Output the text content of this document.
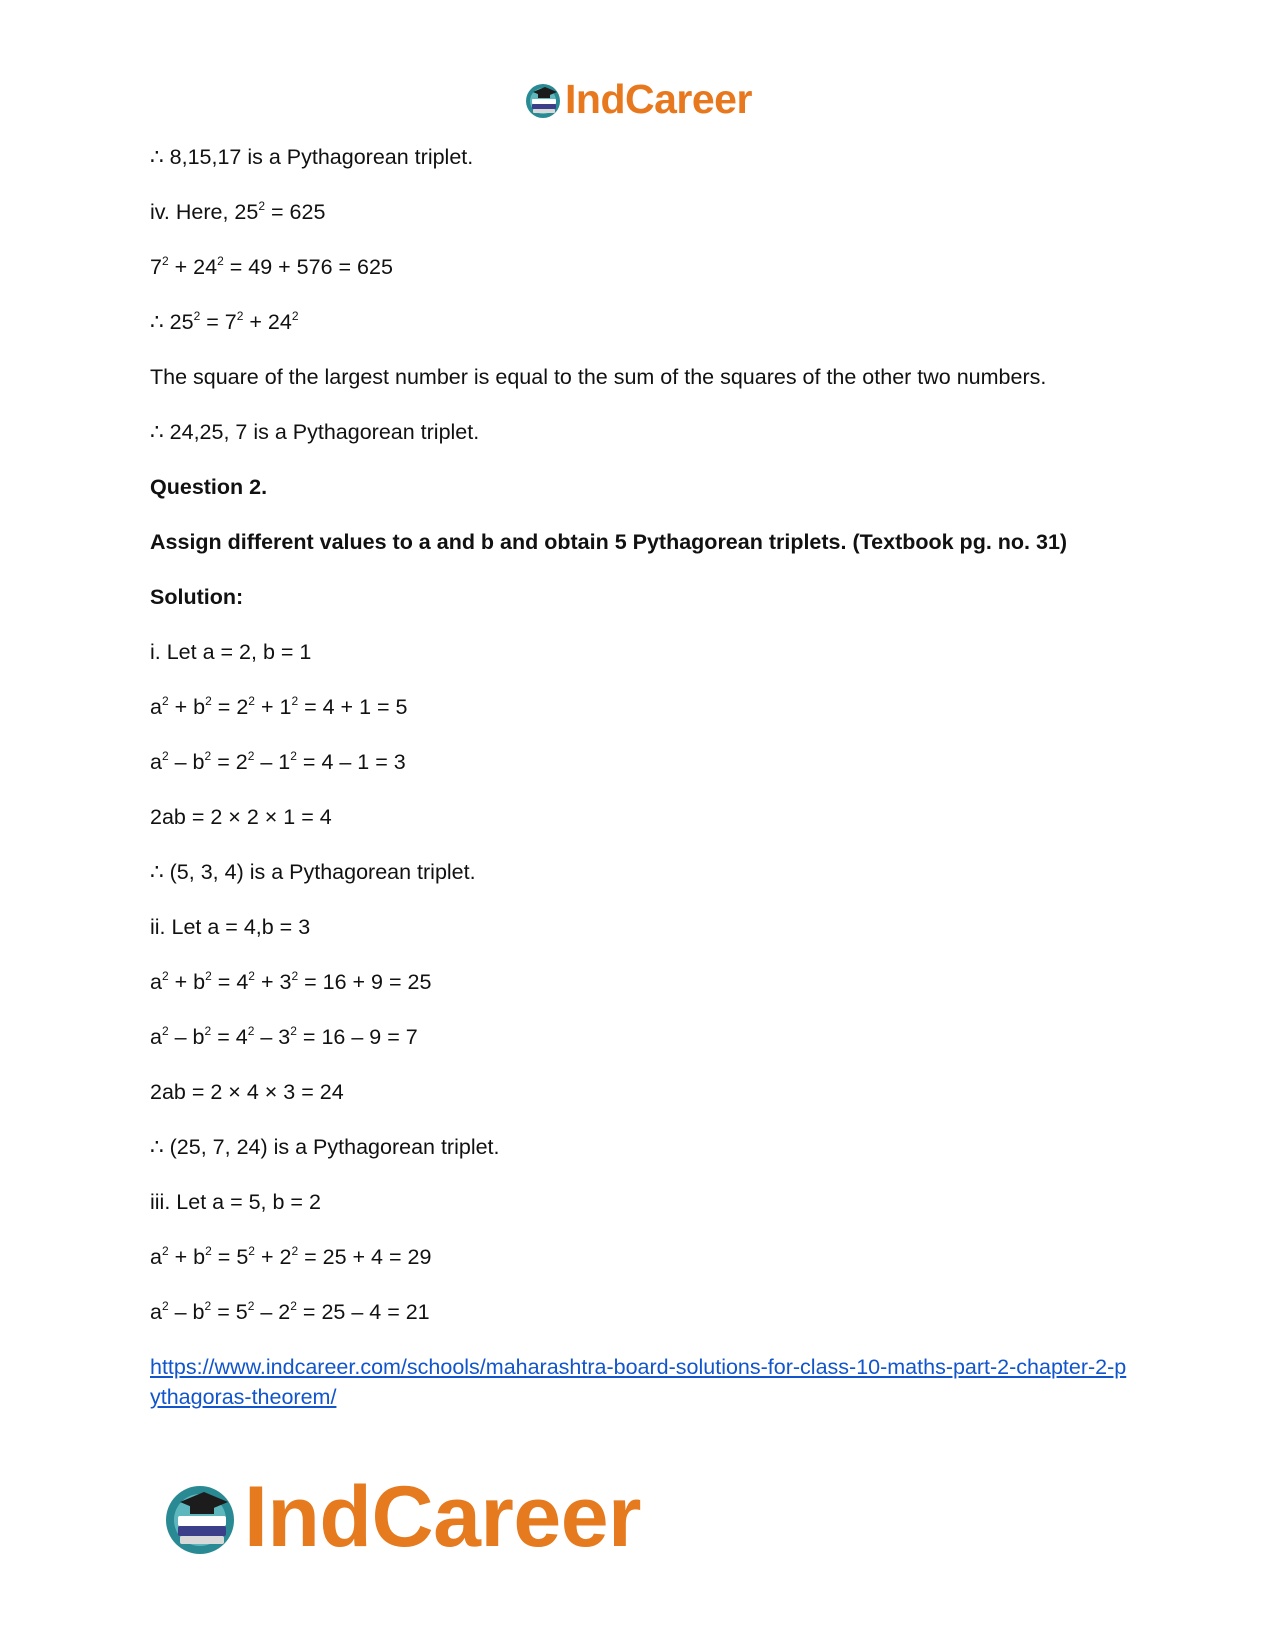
IndCareer
∴ 8,15,17 is a Pythagorean triplet.
iv. Here, $25^2 = 625$
$7^2 + 24^2 = 49 + 576 = 625$
∴ $25^2 = 7^2 + 24^2$
The square of the largest number is equal to the sum of the squares of the other two numbers.
∴ 24,25, 7 is a Pythagorean triplet.
Question 2.
Assign different values to a and b and obtain 5 Pythagorean triplets. (Textbook pg. no. 31)
Solution:
i. Let a = 2, b = 1
$a^2 + b^2 = 2^2 + 1^2 = 4 + 1 = 5$
$a^2 - b^2 = 2^2 - 1^2 = 4 - 1 = 3$
2ab = 2 × 2 × 1 = 4
∴ (5, 3, 4) is a Pythagorean triplet.
ii. Let a = 4,b = 3
$a^2 + b^2 = 4^2 + 3^2 = 16 + 9 = 25$
$a^2 - b^2 = 4^2 - 3^2 = 16 - 9 = 7$
2ab = 2 × 4 × 3 = 24
∴ (25, 7, 24) is a Pythagorean triplet.
iii. Let a = 5, b = 2
$a^2 + b^2 = 5^2 + 2^2 = 25 + 4 = 29$
$a^2 - b^2 = 5^2 - 2^2 = 25 - 4 = 21$
https://www.indcareer.com/schools/maharashtra-board-solutions-for-class-10-maths-part-2-chapter-2-pythagoras-theorem/
IndCareer
